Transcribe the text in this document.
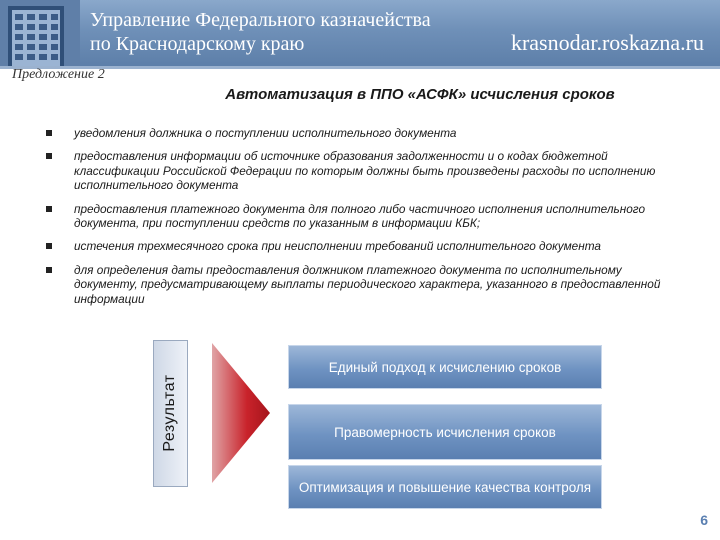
Управление Федерального казначейства
по Краснодарскому краю	krasnodar.roskazna.ru
Предложение 2
Автоматизация в ППО «АСФК» исчисления сроков
уведомления должника о поступлении исполнительного документа
предоставления информации об источнике образования задолженности и о кодах бюджетной классификации Российской Федерации по которым должны быть произведены расходы по исполнению исполнительного документа
предоставления платежного документа для полного либо частичного исполнения исполнительного документа, при поступлении средств по указанным в информации КБК;
истечения трехмесячного срока при неисполнении требований исполнительного документа
для определения даты предоставления должником платежного документа по исполнительному документу, предусматривающему выплаты периодического характера, указанного в предоставленной информации
Результат
Единый подход к исчислению сроков
Правомерность исчисления сроков
Оптимизация и повышение качества контроля
6
